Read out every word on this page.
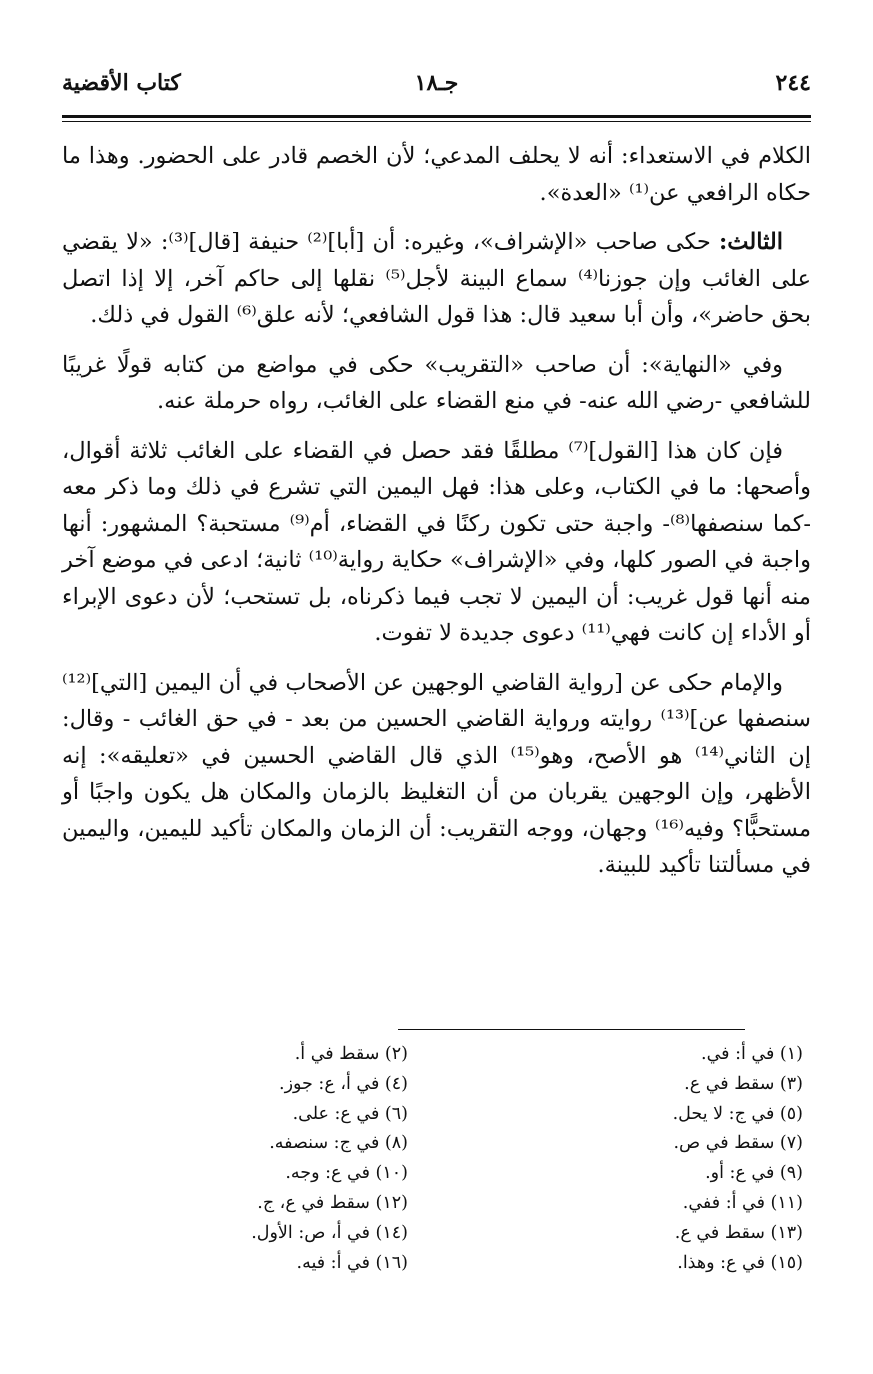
٢٤٤
جـ١٨
كتاب الأقضية

الكلام في الاستعداء: أنه لا يحلف المدعي؛ لأن الخصم قادر على الحضور. وهذا ما حكاه الرافعي عن⁽¹⁾ «العدة».

الثالث: حكى صاحب «الإشراف»، وغيره: أن [أبا]⁽²⁾ حنيفة [قال]⁽³⁾: «لا يقضي على الغائب وإن جوزنا⁽⁴⁾ سماع البينة لأجل⁽⁵⁾ نقلها إلى حاكم آخر، إلا إذا اتصل بحق حاضر»، وأن أبا سعيد قال: هذا قول الشافعي؛ لأنه علق⁽⁶⁾ القول في ذلك.

وفي «النهاية»: أن صاحب «التقريب» حكى في مواضع من كتابه قولًا غريبًا للشافعي -رضي الله عنه- في منع القضاء على الغائب، رواه حرملة عنه.

فإن كان هذا [القول]⁽⁷⁾ مطلقًا فقد حصل في القضاء على الغائب ثلاثة أقوال، وأصحها: ما في الكتاب، وعلى هذا: فهل اليمين التي تشرع في ذلك وما ذكر معه -كما سنصفها⁽⁸⁾- واجبة حتى تكون ركنًا في القضاء، أم⁽⁹⁾ مستحبة؟ المشهور: أنها واجبة في الصور كلها، وفي «الإشراف» حكاية رواية⁽¹⁰⁾ ثانية؛ ادعى في موضع آخر منه أنها قول غريب: أن اليمين لا تجب فيما ذكرناه، بل تستحب؛ لأن دعوى الإبراء أو الأداء إن كانت فهي⁽¹¹⁾ دعوى جديدة لا تفوت.

والإمام حكى عن [رواية القاضي الوجهين عن الأصحاب في أن اليمين [التي]⁽¹²⁾ سنصفها عن]⁽¹³⁾ روايته ورواية القاضي الحسين من بعد - في حق الغائب - وقال: إن الثاني⁽¹⁴⁾ هو الأصح، وهو⁽¹⁵⁾ الذي قال القاضي الحسين في «تعليقه»: إنه الأظهر، وإن الوجهين يقربان من أن التغليظ بالزمان والمكان هل يكون واجبًا أو مستحبًّا؟ وفيه⁽¹⁶⁾ وجهان، ووجه التقريب: أن الزمان والمكان تأكيد لليمين، واليمين في مسألتنا تأكيد للبينة.

(١) في أ: في.
(٣) سقط في ع.
(٥) في ج: لا يحل.
(٧) سقط في ص.
(٩) في ع: أو.
(١١) في أ: ففي.
(١٣) سقط في ع.
(١٥) في ع: وهذا.
(٢) سقط في أ.
(٤) في أ، ع: جوز.
(٦) في ع: على.
(٨) في ج: سنصفه.
(١٠) في ع: وجه.
(١٢) سقط في ع، ج.
(١٤) في أ، ص: الأول.
(١٦) في أ: فيه.
